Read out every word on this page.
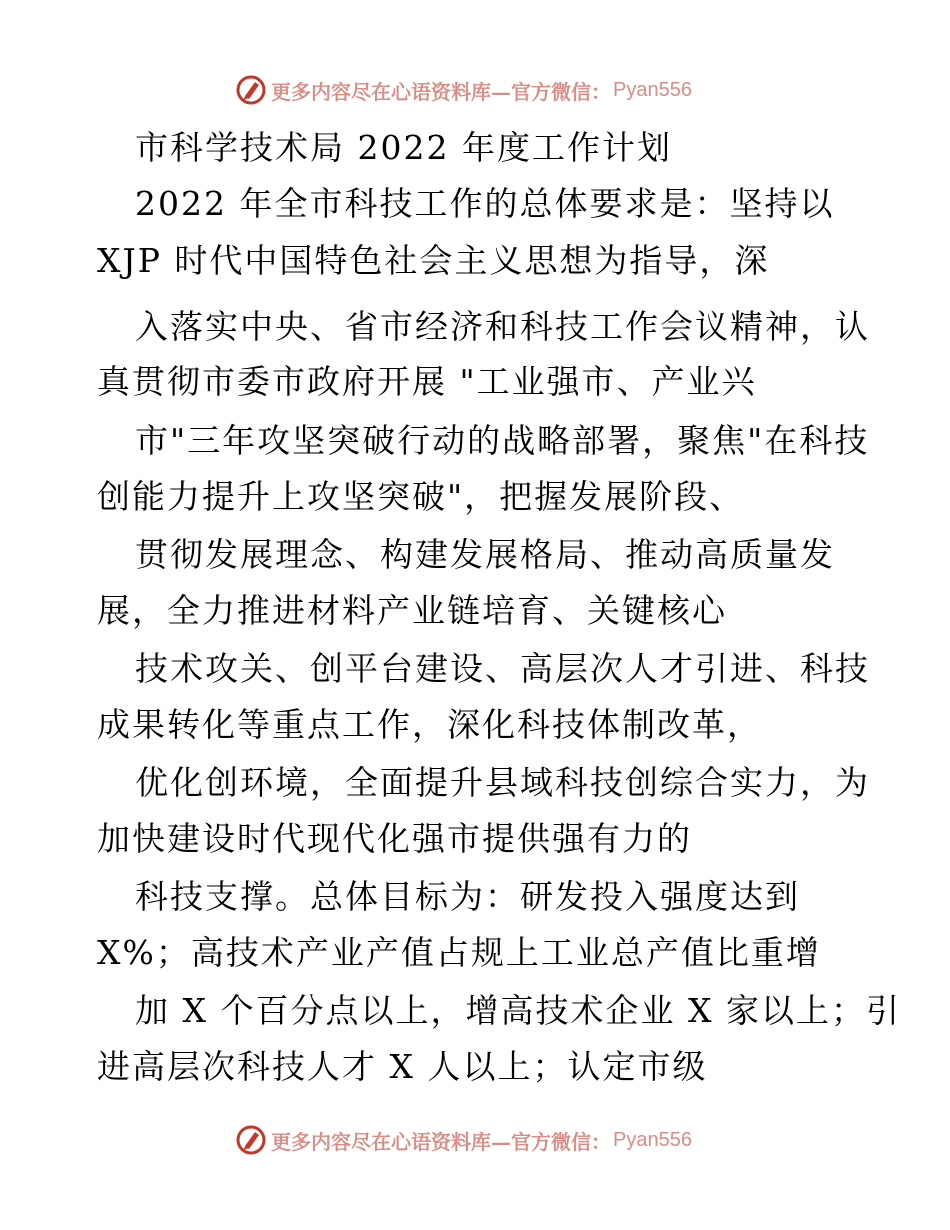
更多内容尽在心语资料库—官方微信： Pyan556
市科学技术局 2022 年度工作计划
2022 年全市科技工作的总体要求是：坚持以
XJP 时代中国特色社会主义思想为指导，深
入落实中央、省市经济和科技工作会议精神，认
真贯彻市委市政府开展 "工业强市、产业兴
市"三年攻坚突破行动的战略部署，聚焦"在科技
创能力提升上攻坚突破"，把握发展阶段、
贯彻发展理念、构建发展格局、推动高质量发
展，全力推进材料产业链培育、关键核心
技术攻关、创平台建设、高层次人才引进、科技
成果转化等重点工作，深化科技体制改革，
优化创环境，全面提升县域科技创综合实力，为
加快建设时代现代化强市提供强有力的
科技支撑。总体目标为：研发投入强度达到
X%；高技术产业产值占规上工业总产值比重增
加 X 个百分点以上，增高技术企业 X 家以上；引
进高层次科技人才 X 人以上；认定市级
更多内容尽在心语资料库—官方微信： Pyan556
